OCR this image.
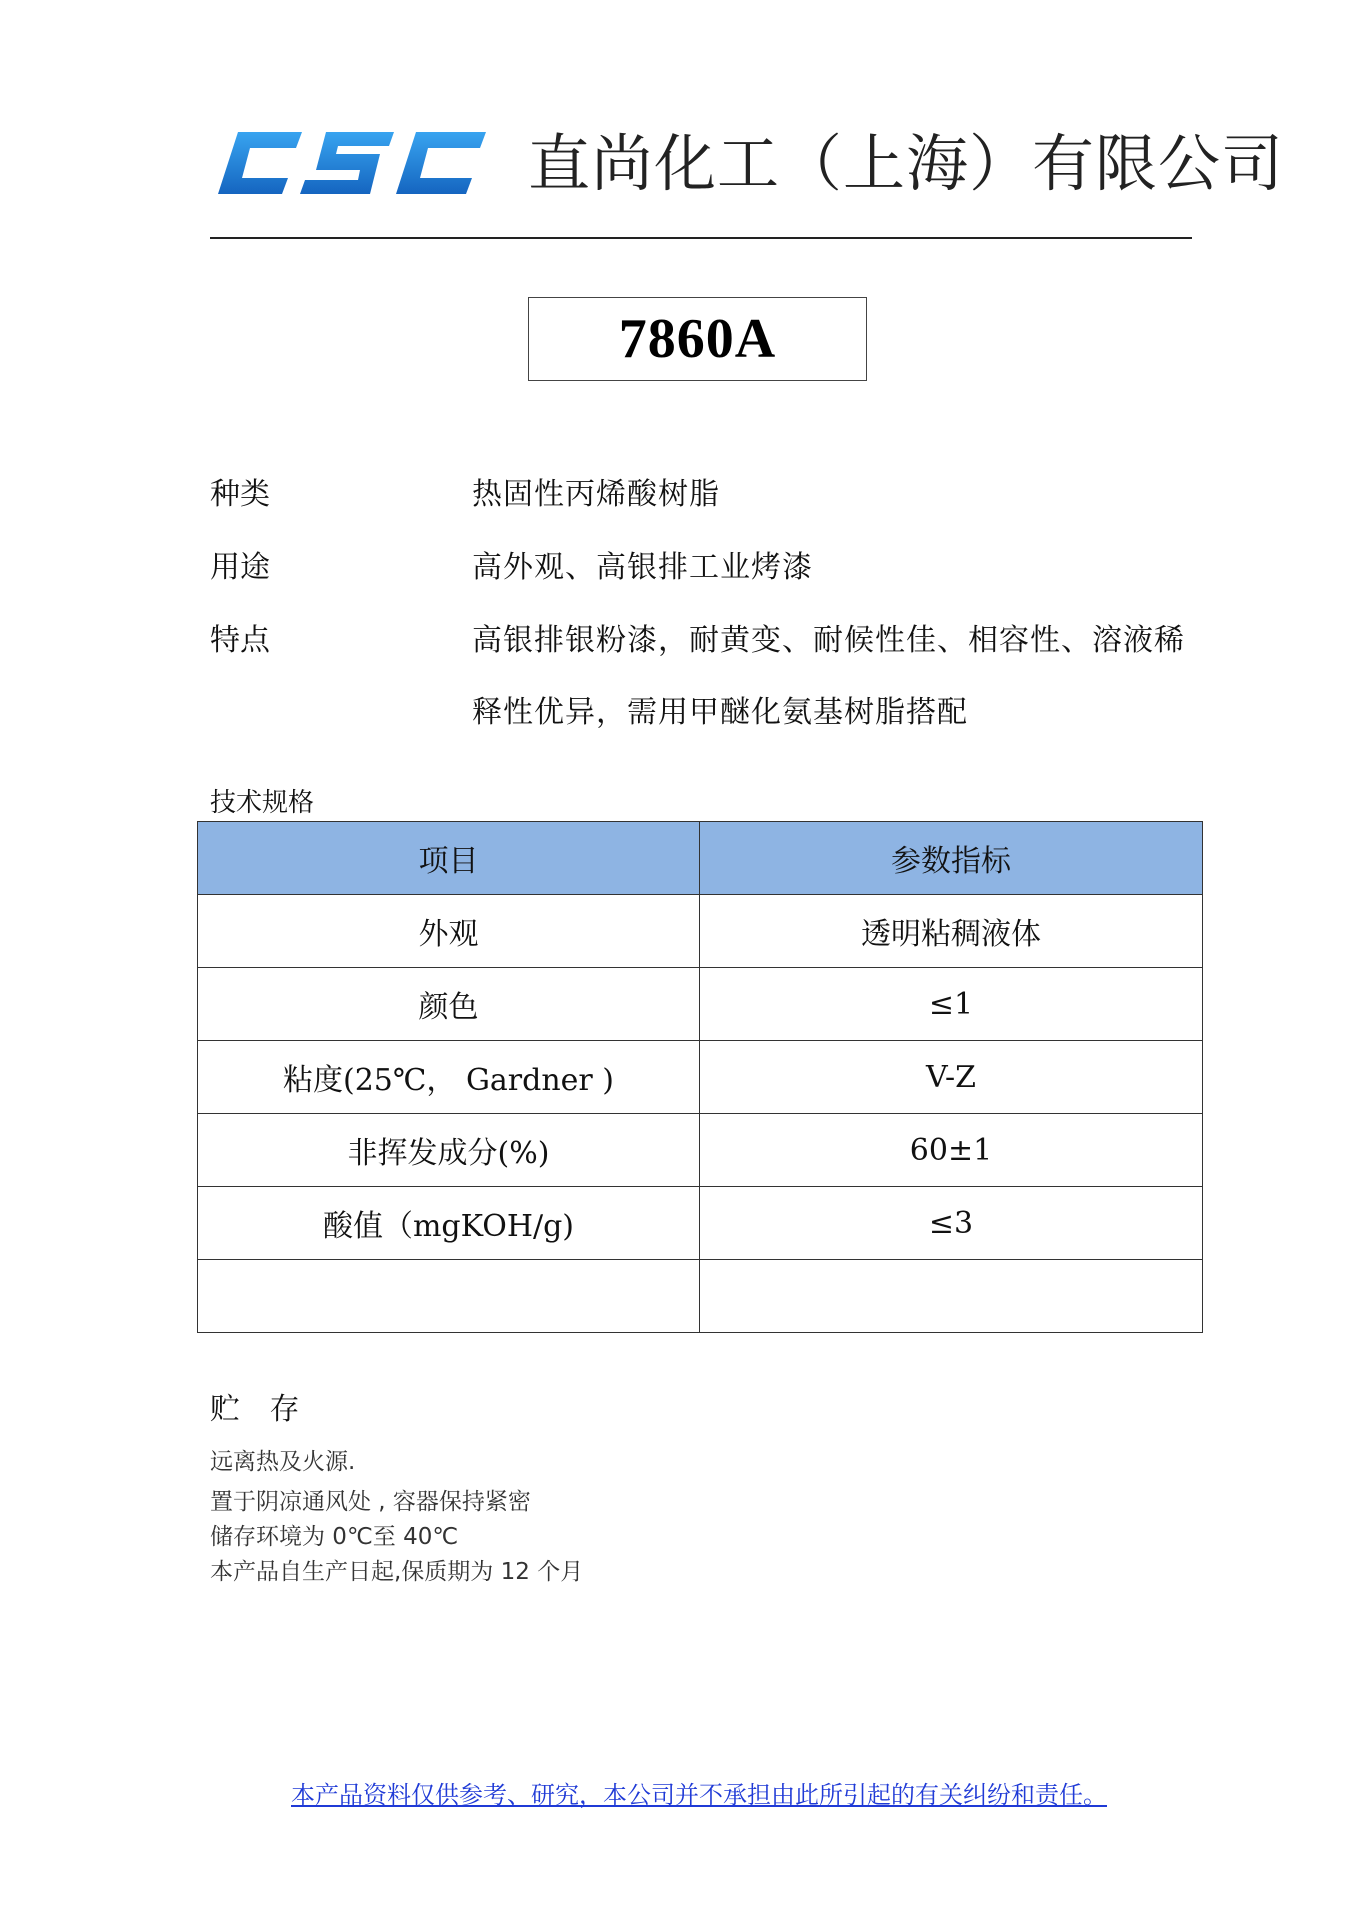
直尚化工（上海）有限公司
7860A
种类	热固性丙烯酸树脂

用途	高外观、高银排工业烤漆

特点	高银排银粉漆，耐黄变、耐候性佳、相容性、溶液稀释性优异，需用甲醚化氨基树脂搭配

技术规格
项目	参数指标
外观	透明粘稠液体
颜色	≤1
粘度(25℃， Gardner )	V-Z
非挥发成分(%)	60±1
酸值（mgKOH/g)	≤3

贮 存
远离热及火源.
置于阴凉通风处 , 容器保持紧密
储存环境为 0℃至 40℃
本产品自生产日起,保质期为 12 个月
本产品资料仅供参考、研究，本公司并不承担由此所引起的有关纠纷和责任。
